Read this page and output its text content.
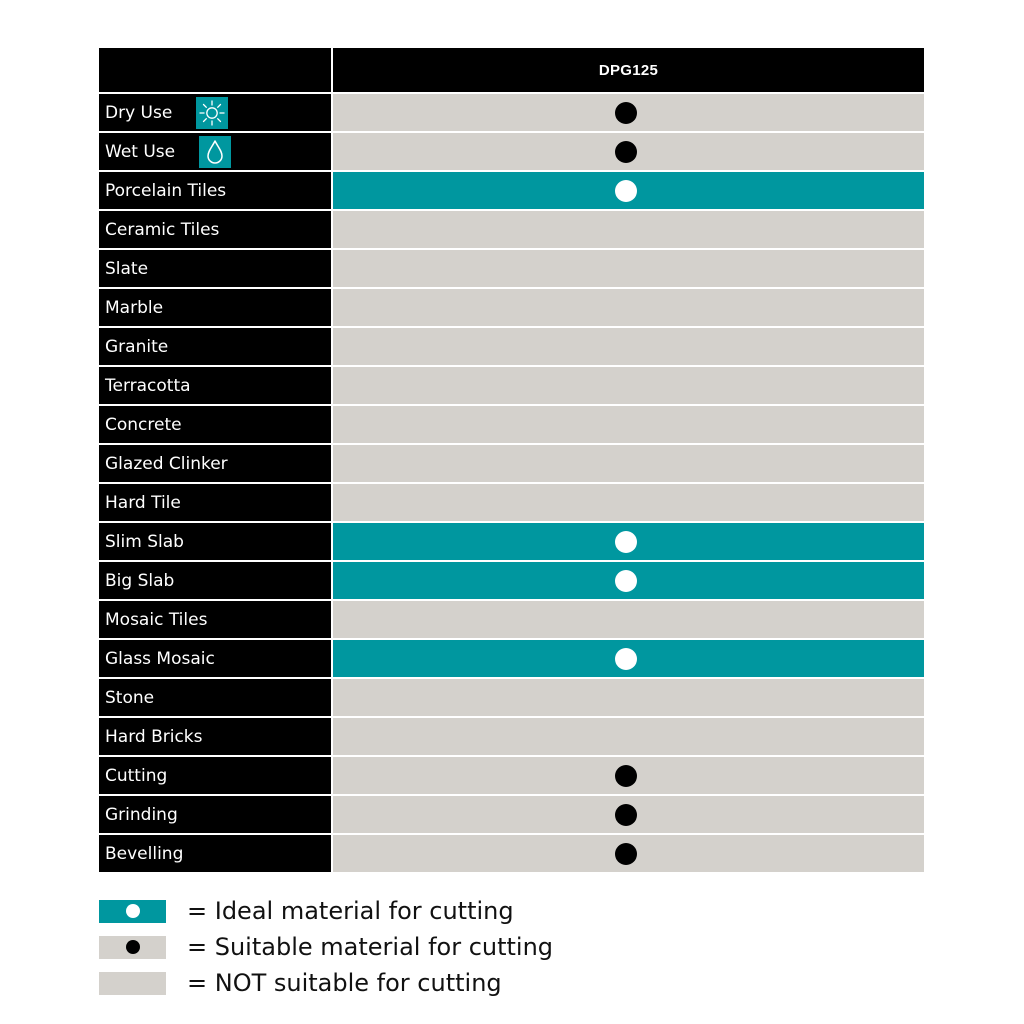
DPG125
Dry Use
Wet Use
Porcelain Tiles
Ceramic Tiles
Slate
Marble
Granite
Terracotta
Concrete
Glazed Clinker
Hard Tile
Slim Slab
Big Slab
Mosaic Tiles
Glass Mosaic
Stone
Hard Bricks
Cutting
Grinding
Bevelling
= Ideal material for cutting
= Suitable material for cutting
= NOT suitable for cutting
